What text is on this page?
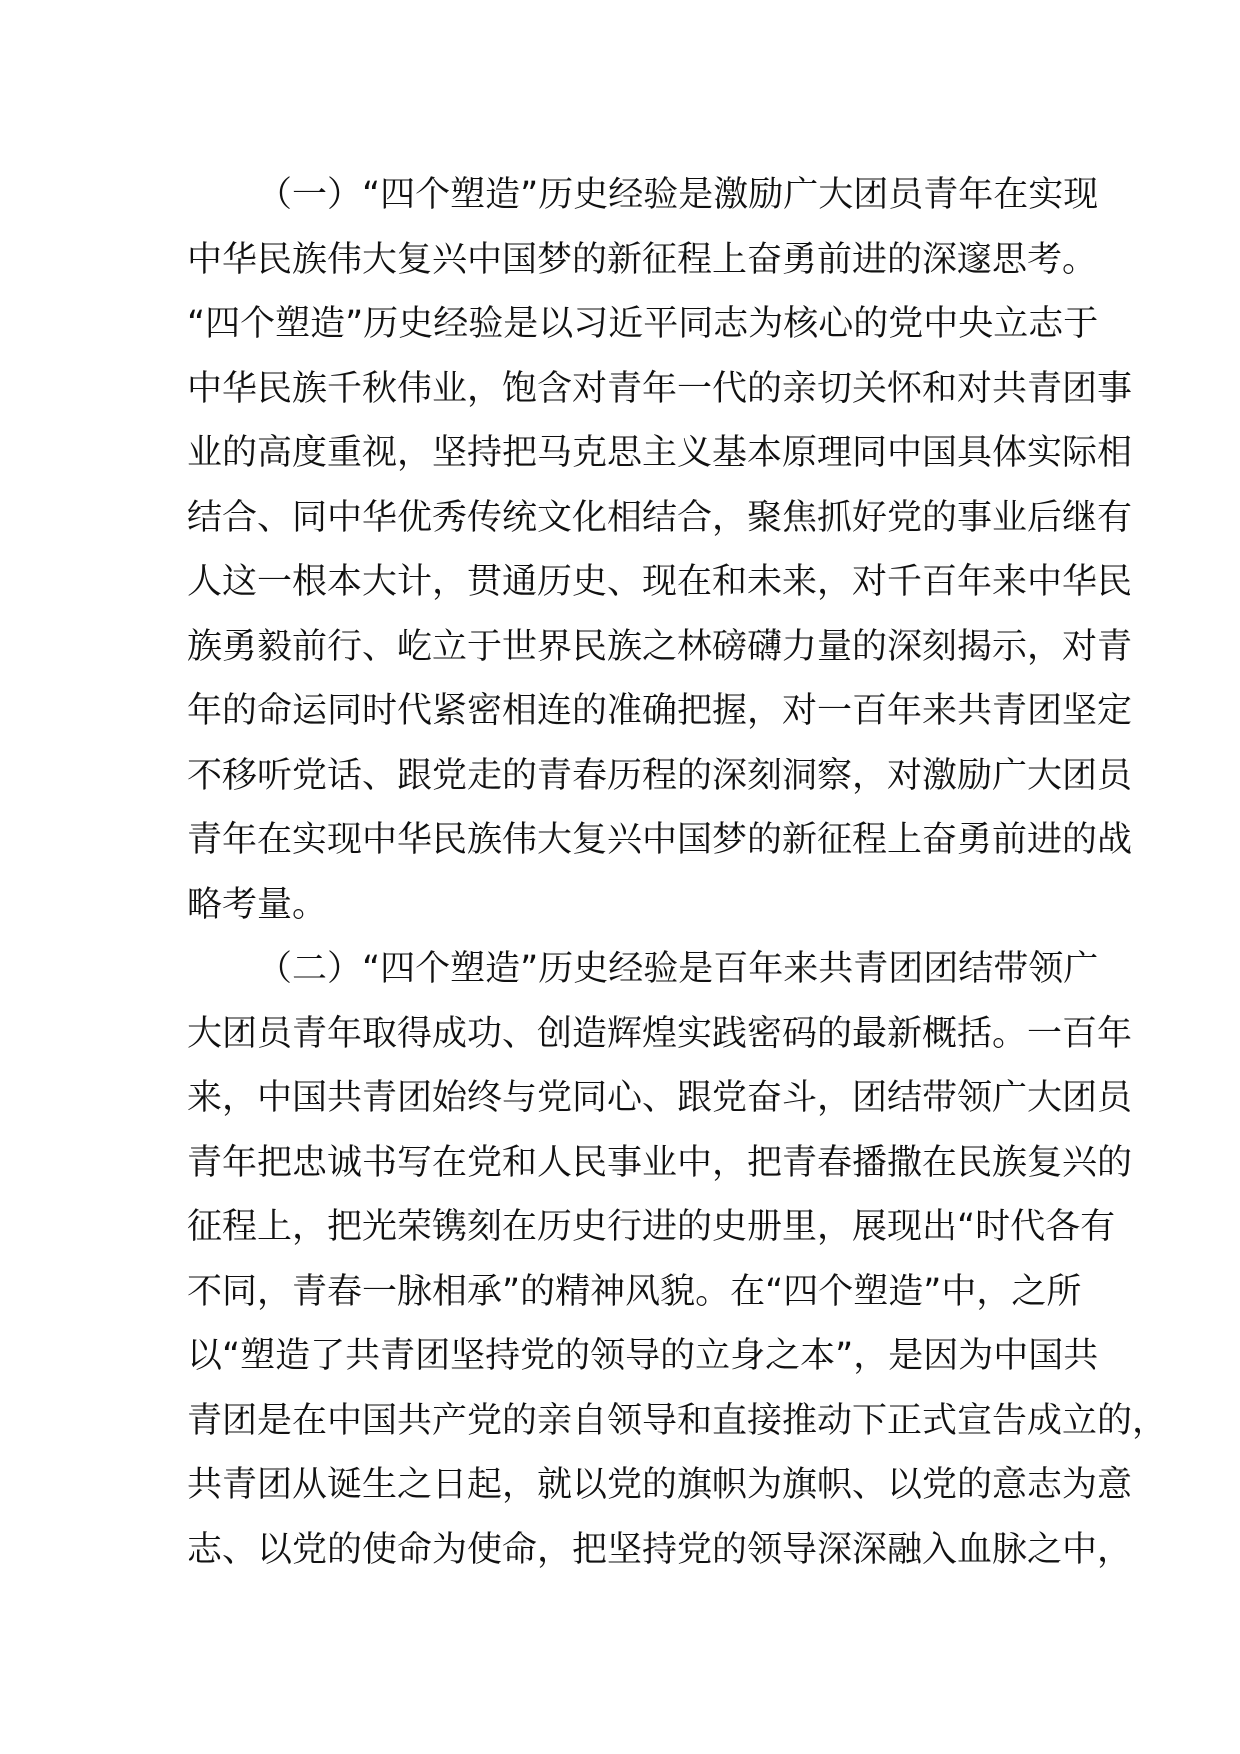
（一）“四个塑造”历史经验是激励广大团员青年在实现

中华民族伟大复兴中国梦的新征程上奋勇前进的深邃思考。

“四个塑造”历史经验是以习近平同志为核心的党中央立志于

中华民族千秋伟业，饱含对青年一代的亲切关怀和对共青团事

业的高度重视，坚持把马克思主义基本原理同中国具体实际相

结合、同中华优秀传统文化相结合，聚焦抓好党的事业后继有

人这一根本大计，贯通历史、现在和未来，对千百年来中华民

族勇毅前行、屹立于世界民族之林磅礴力量的深刻揭示，对青

年的命运同时代紧密相连的准确把握，对一百年来共青团坚定

不移听党话、跟党走的青春历程的深刻洞察，对激励广大团员

青年在实现中华民族伟大复兴中国梦的新征程上奋勇前进的战

略考量。

（二）“四个塑造”历史经验是百年来共青团团结带领广

大团员青年取得成功、创造辉煌实践密码的最新概括。一百年

来，中国共青团始终与党同心、跟党奋斗，团结带领广大团员

青年把忠诚书写在党和人民事业中，把青春播撒在民族复兴的

征程上，把光荣镌刻在历史行进的史册里，展现出“时代各有

不同，青春一脉相承”的精神风貌。在“四个塑造”中，之所

以“塑造了共青团坚持党的领导的立身之本”，是因为中国共

青团是在中国共产党的亲自领导和直接推动下正式宣告成立的，

共青团从诞生之日起，就以党的旗帜为旗帜、以党的意志为意

志、以党的使命为使命，把坚持党的领导深深融入血脉之中，
